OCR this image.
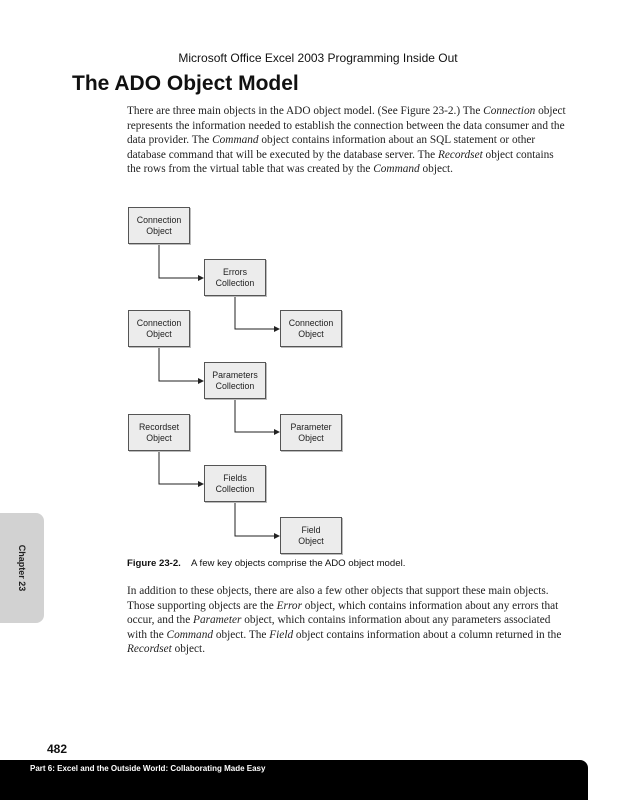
Microsoft Office Excel 2003 Programming Inside Out
The ADO Object Model

There are three main objects in the ADO object model. (See Figure 23-2.) The Connection object represents the information needed to establish the connection between the data consumer and the data provider. The Command object contains information about an SQL statement or other database command that will be executed by the database server. The Recordset object contains the rows from the virtual table that was created by the Command object.

Connection
Object
Errors
Collection
Connection
Object
Connection
Object
Parameters
Collection
Recordset
Object
Parameter
Object
Fields
Collection
Field
Object
Figure 23-2. A few key objects comprise the ADO object model.

In addition to these objects, there are also a few other objects that support these main objects. Those supporting objects are the Error object, which contains information about any errors that occur, and the Parameter object, which contains information about any parameters associated with the Command object. The Field object contains information about a column returned in the Recordset object.

Chapter 23
482
Part 6: Excel and the Outside World: Collaborating Made Easy
